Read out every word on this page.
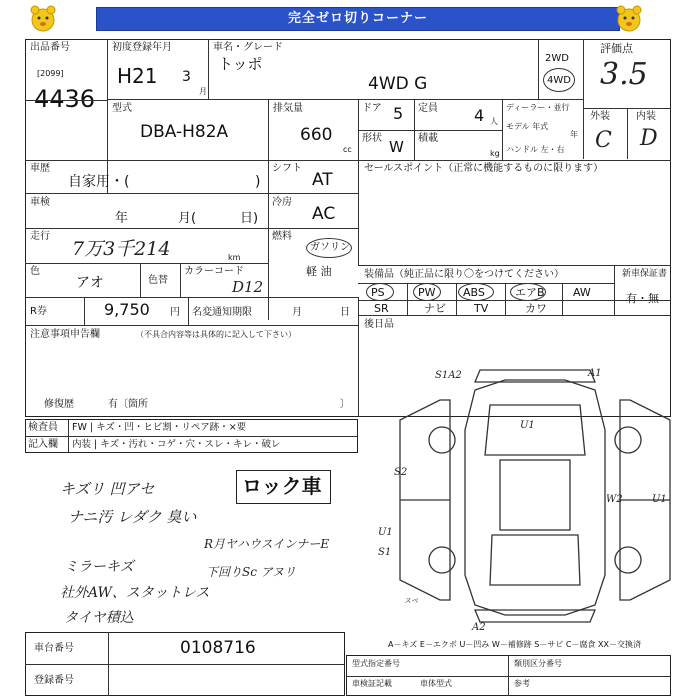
完全ゼロ切りコーナー
出品番号
[2099]
4436
初度登録年月
H21 3
月
車名・グレード
トッポ
4WD G
2WD
4WD
評価点
3.5
外装	内装
C D
型式
DBA-H82A
排気量
660
cc
ドア 5 定員 4 人
形状 W 積載
kg
ディーラー・並行
モデル 年式
年
ハンドル 左・右
車歴
自家用・(	)
シフト
AT
車検
年	月(	日)
冷房
AC
走行
7万3千214	km
燃料
ガソリン
軽 油
色
アオ	色替
カラーコード
D12
R券	9,750 円 名変通知期限	月	日
注意事項申告欄	（不具合内容等は具体的に記入して下さい）
修復歴	有〔箇所	〕
セールスポイント（正常に機能するものに限ります）
装備品（純正品に限り〇をつけてください）	新車保証書
有・無
後日品
検査員
記入欄
FW | キズ・凹・ヒビ割・リペア跡・×要
内装 | キズ・汚れ・コゲ・穴・スレ・キレ・破レ
キズリ 凹アセ
ナニ汚 レダク 臭い
ミラーキズ
社外AW、スタットレス
タイヤ積込
ロック車
R月ヤハウスインナーE
下回りSc アヌリ
S1A2	A1
U1
S2
U1
S1
W2	U1
A2
スペ
A－キズ E－エクボ U－凹み W－補修跡 S－サビ C－腐食 XX－交換済
車台番号	0108716
登録番号
型式指定番号
車検証記載
類別区分番号
参考
車体型式
PS	PW ABS	エアB	AW
SR	ナビ	TV	カワ
